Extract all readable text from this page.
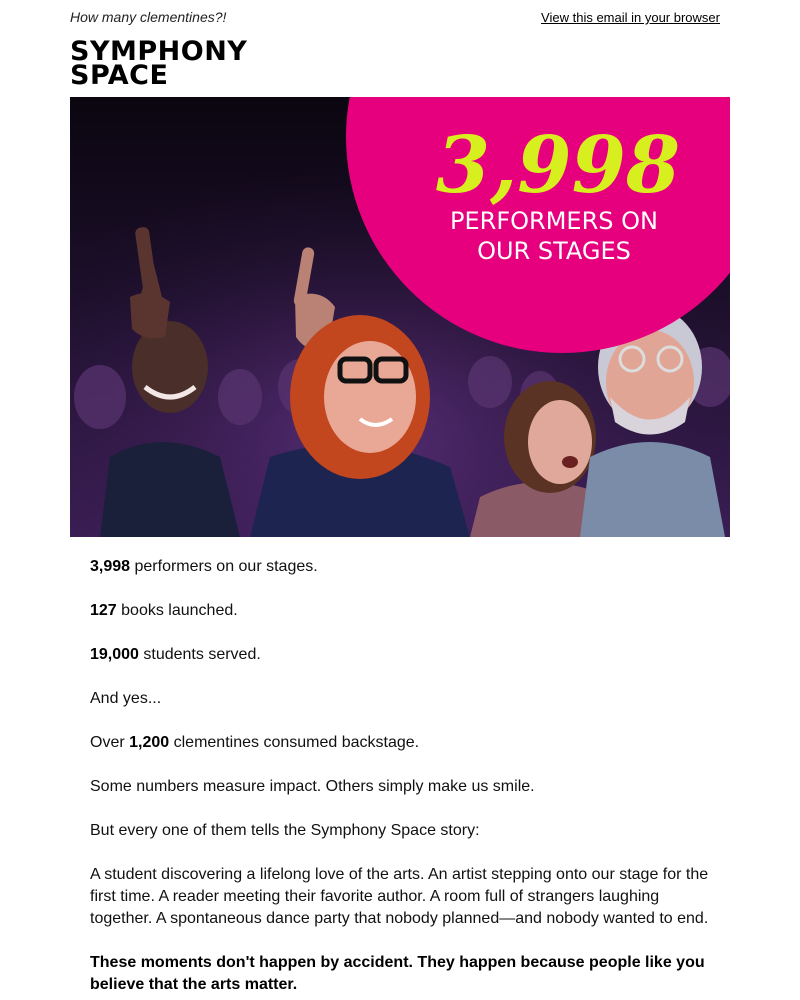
How many clementines?!	View this email in your browser
SYMPHONY
SPACE
3,998
PERFORMERS ON
OUR STAGES

3,998 performers on our stages.

127 books launched.

19,000 students served.

And yes...

Over 1,200 clementines consumed backstage.

Some numbers measure impact. Others simply make us smile.

But every one of them tells the Symphony Space story:

A student discovering a lifelong love of the arts. An artist stepping onto our stage for the first time. A reader meeting their favorite author. A room full of strangers laughing together. A spontaneous dance party that nobody planned—and nobody wanted to end.

These moments don't happen by accident. They happen because people like you believe that the arts matter.
